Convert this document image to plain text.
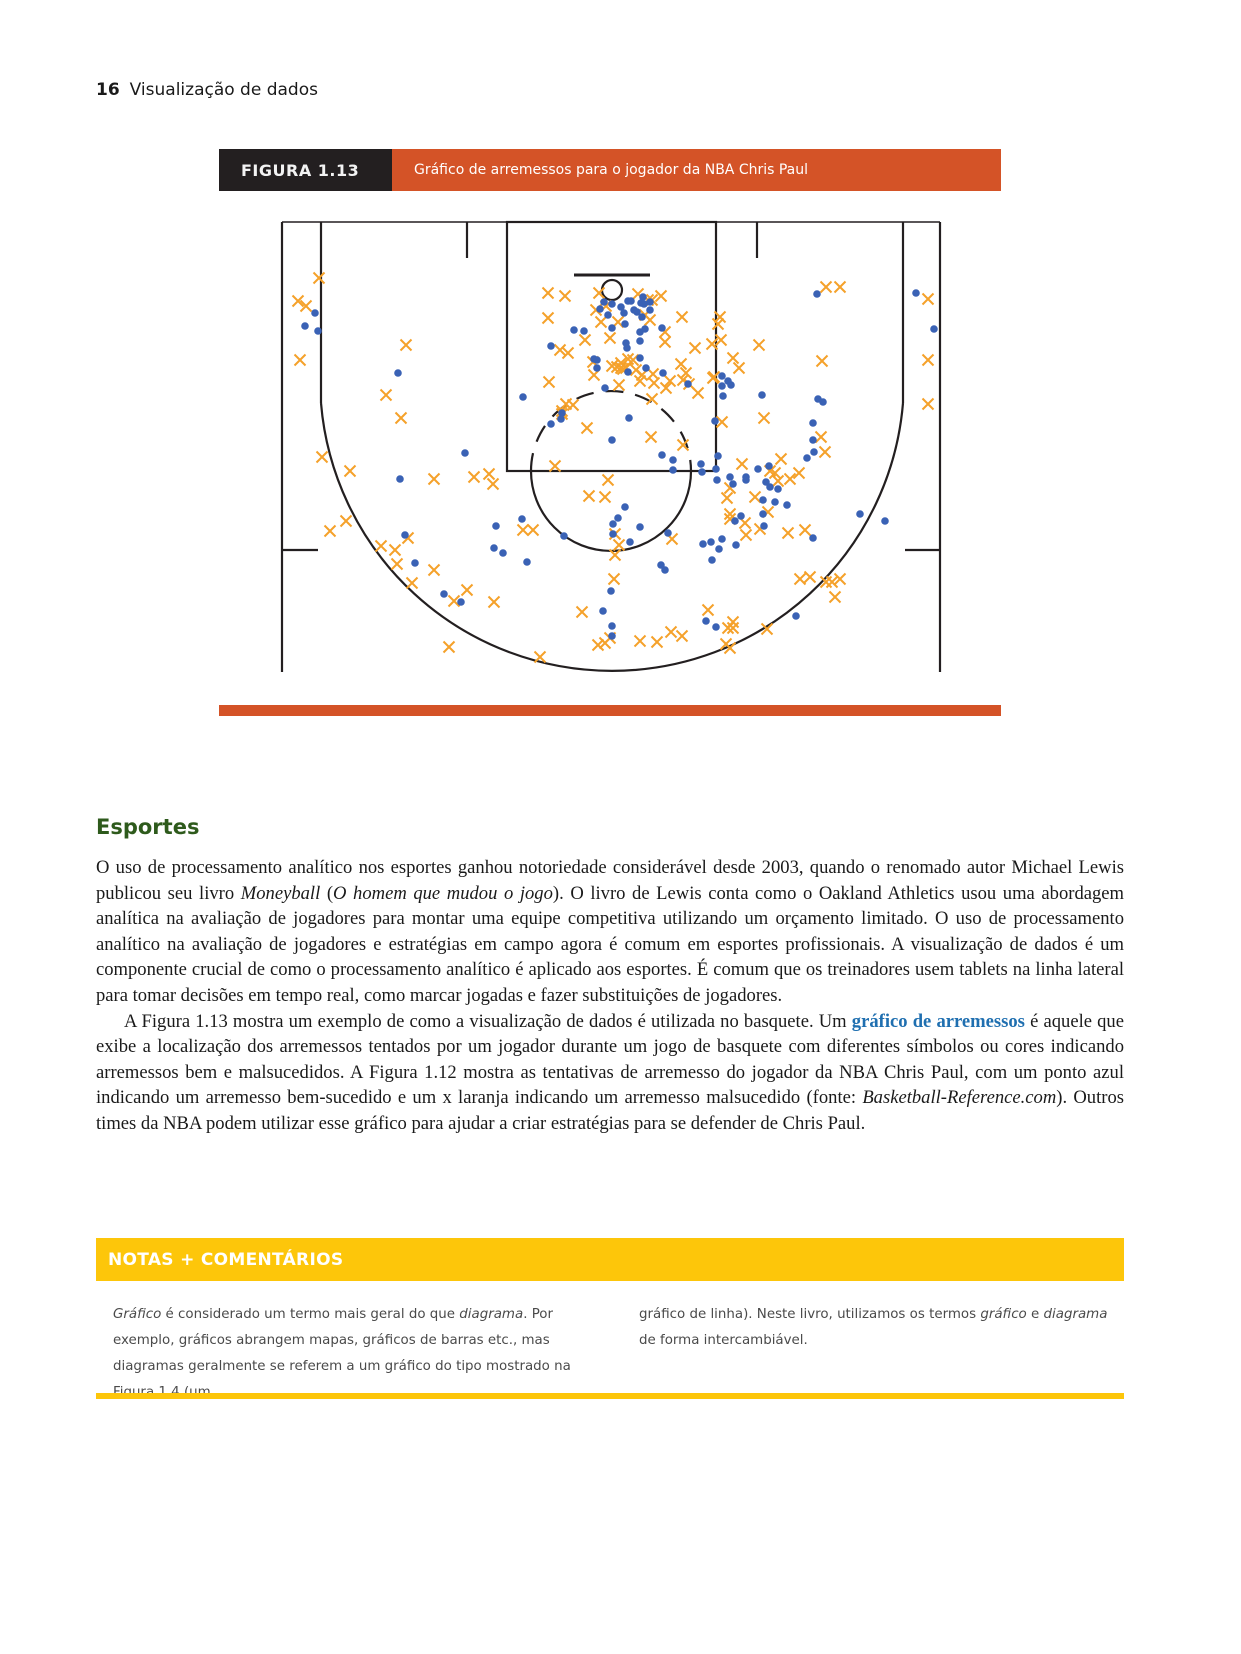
16 Visualização de dados
FIGURA 1.13	Gráfico de arremessos para o jogador da NBA Chris Paul
Esportes

O uso de processamento analítico nos esportes ganhou notoriedade considerável desde 2003, quando o renomado autor Michael Lewis publicou seu livro Moneyball (O homem que mudou o jogo). O livro de Lewis conta como o Oakland Athletics usou uma abordagem analítica na avaliação de jogadores para montar uma equipe competitiva utilizando um orçamento limitado. O uso de processamento analítico na avaliação de jogadores e estratégias em campo agora é comum em esportes profissionais. A visualização de dados é um componente crucial de como o processamento analítico é aplicado aos esportes. É comum que os treinadores usem tablets na linha lateral para tomar decisões em tempo real, como marcar jogadas e fazer substituições de jogadores.

A Figura 1.13 mostra um exemplo de como a visualização de dados é utilizada no basquete. Um gráfico de arremessos é aquele que exibe a localização dos arremessos tentados por um jogador durante um jogo de basquete com diferentes símbolos ou cores indicando arremessos bem e malsucedidos. A Figura 1.12 mostra as tentativas de arremesso do jogador da NBA Chris Paul, com um ponto azul indicando um arremesso bem-sucedido e um x laranja indicando um arremesso malsucedido (fonte: Basketball-Reference.com). Outros times da NBA podem utilizar esse gráfico para ajudar a criar estratégias para se defender de Chris Paul.

NOTAS + COMENTÁRIOS
Gráfico é considerado um termo mais geral do que diagrama. Por exemplo, gráficos abrangem mapas, gráficos de barras etc., mas diagramas geralmente se referem a um gráfico do tipo mostrado na
gráfico de linha). Neste livro, utilizamos os termos gráfico e diagrama de forma intercambiável.
